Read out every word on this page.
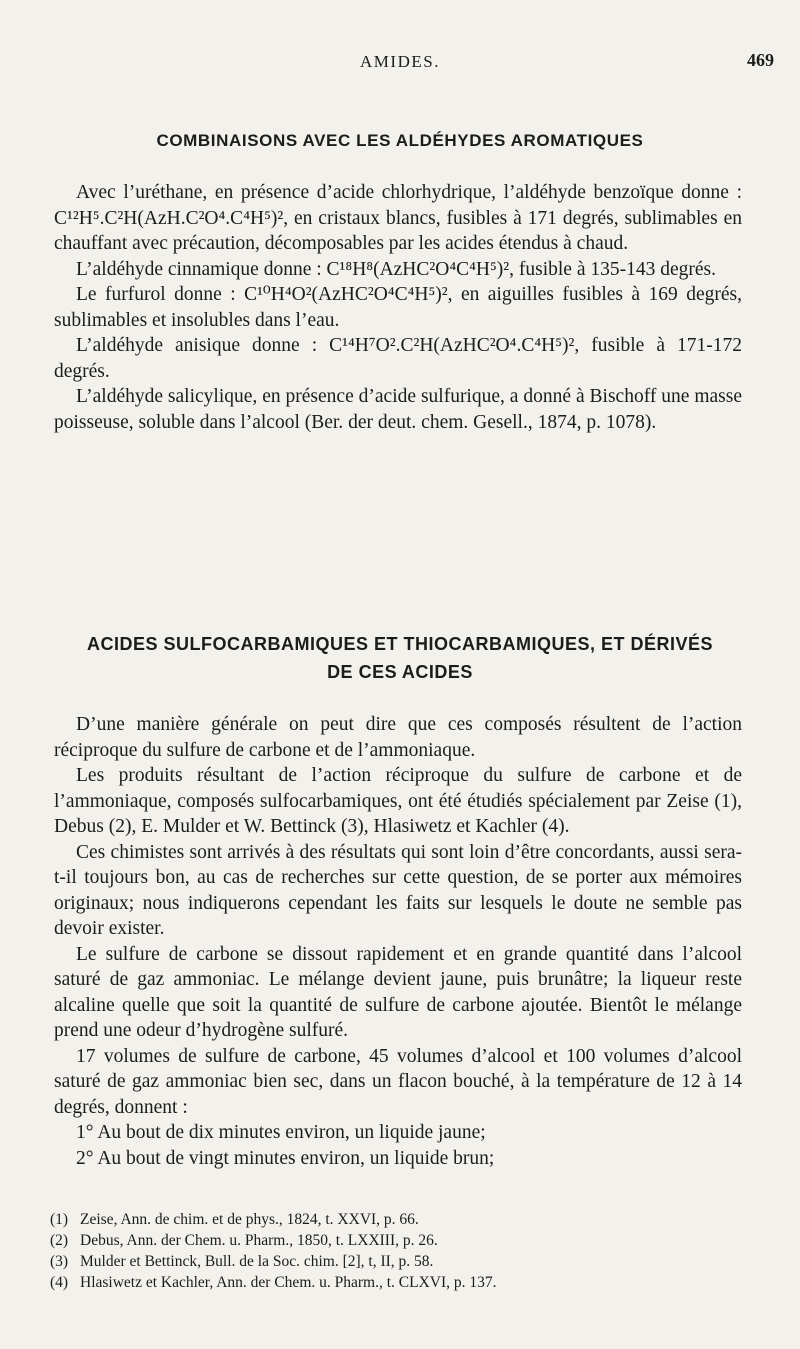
AMIDES.	469
COMBINAISONS AVEC LES ALDÉHYDES AROMATIQUES

Avec l’uréthane, en présence d’acide chlorhydrique, l’aldéhyde benzoïque donne : C¹²H⁵.C²H(AzH.C²O⁴.C⁴H⁵)², en cristaux blancs, fusibles à 171 degrés, sublimables en chauffant avec précaution, décomposables par les acides étendus à chaud.

L’aldéhyde cinnamique donne : C¹⁸H⁸(AzHC²O⁴C⁴H⁵)², fusible à 135-143 degrés.

Le furfurol donne : C¹⁰H⁴O²(AzHC²O⁴C⁴H⁵)², en aiguilles fusibles à 169 degrés, sublimables et insolubles dans l’eau.

L’aldéhyde anisique donne : C¹⁴H⁷O².C²H(AzHC²O⁴.C⁴H⁵)², fusible à 171-172 degrés.

L’aldéhyde salicylique, en présence d’acide sulfurique, a donné à Bischoff une masse poisseuse, soluble dans l’alcool (Ber. der deut. chem. Gesell., 1874, p. 1078).

ACIDES SULFOCARBAMIQUES ET THIOCARBAMIQUES, ET DÉRIVÉS
DE CES ACIDES

D’une manière générale on peut dire que ces composés résultent de l’action réciproque du sulfure de carbone et de l’ammoniaque.

Les produits résultant de l’action réciproque du sulfure de carbone et de l’ammoniaque, composés sulfocarbamiques, ont été étudiés spécialement par Zeise (1), Debus (2), E. Mulder et W. Bettinck (3), Hlasiwetz et Kachler (4).

Ces chimistes sont arrivés à des résultats qui sont loin d’être concordants, aussi sera-t-il toujours bon, au cas de recherches sur cette question, de se porter aux mémoires originaux; nous indiquerons cependant les faits sur lesquels le doute ne semble pas devoir exister.

Le sulfure de carbone se dissout rapidement et en grande quantité dans l’alcool saturé de gaz ammoniac. Le mélange devient jaune, puis brunâtre; la liqueur reste alcaline quelle que soit la quantité de sulfure de carbone ajoutée. Bientôt le mélange prend une odeur d’hydrogène sulfuré.

17 volumes de sulfure de carbone, 45 volumes d’alcool et 100 volumes d’alcool saturé de gaz ammoniac bien sec, dans un flacon bouché, à la température de 12 à 14 degrés, donnent :

1° Au bout de dix minutes environ, un liquide jaune;

2° Au bout de vingt minutes environ, un liquide brun;

(1) Zeise, Ann. de chim. et de phys., 1824, t. XXVI, p. 66.
(2) Debus, Ann. der Chem. u. Pharm., 1850, t. LXXIII, p. 26.
(3) Mulder et Bettinck, Bull. de la Soc. chim. [2], t, II, p. 58.
(4) Hlasiwetz et Kachler, Ann. der Chem. u. Pharm., t. CLXVI, p. 137.
